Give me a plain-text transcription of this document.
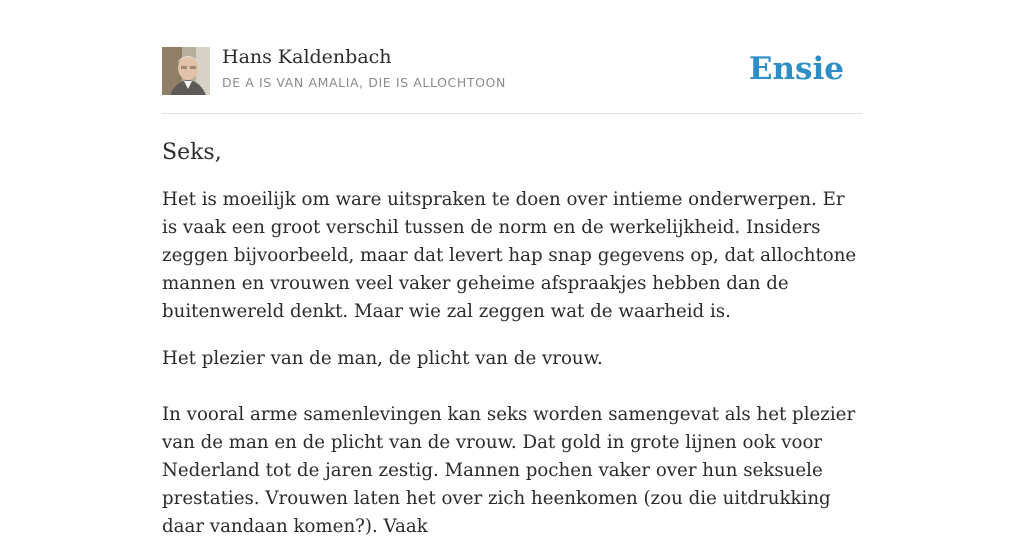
Hans Kaldenbach
DE A IS VAN AMALIA, DIE IS ALLOCHTOON	Ensie

Seks,

Het is moeilijk om ware uitspraken te doen over intieme onderwerpen. Er is vaak een groot verschil tussen de norm en de werkelijkheid. Insiders zeggen bijvoorbeeld, maar dat levert hap snap gegevens op, dat allochtone mannen en vrouwen veel vaker geheime afspraakjes hebben dan de buitenwereld denkt. Maar wie zal zeggen wat de waarheid is.

Het plezier van de man, de plicht van de vrouw.

In vooral arme samenlevingen kan seks worden samengevat als het plezier van de man en de plicht van de vrouw. Dat gold in grote lijnen ook voor Nederland tot de jaren zestig. Mannen pochen vaker over hun seksuele prestaties. Vrouwen laten het over zich heenkomen (zou die uitdrukking daar vandaan komen?). Vaak
